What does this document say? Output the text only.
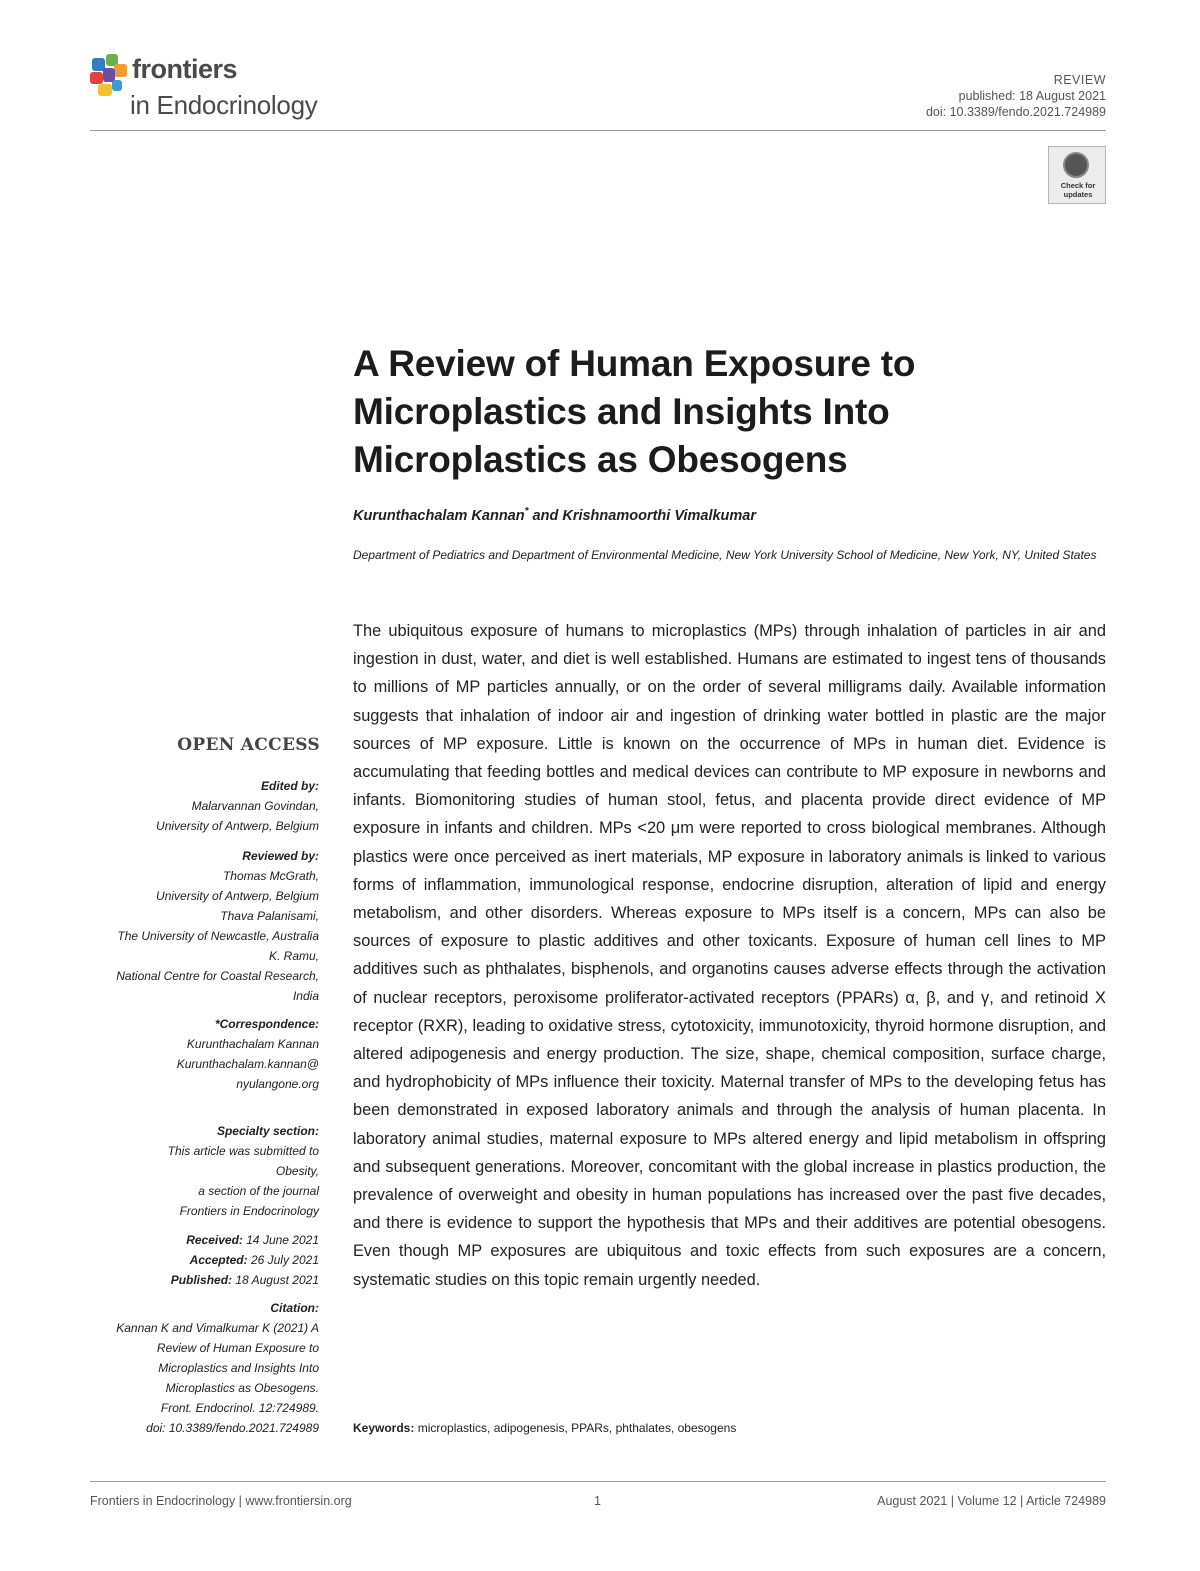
frontiers
in Endocrinology
REVIEW
published: 18 August 2021
doi: 10.3389/fendo.2021.724989
Check for updates
A Review of Human Exposure to Microplastics and Insights Into Microplastics as Obesogens
Kurunthachalam Kannan* and Krishnamoorthi Vimalkumar
Department of Pediatrics and Department of Environmental Medicine, New York University School of Medicine, New York, NY, United States
The ubiquitous exposure of humans to microplastics (MPs) through inhalation of particles in air and ingestion in dust, water, and diet is well established. Humans are estimated to ingest tens of thousands to millions of MP particles annually, or on the order of several milligrams daily. Available information suggests that inhalation of indoor air and ingestion of drinking water bottled in plastic are the major sources of MP exposure. Little is known on the occurrence of MPs in human diet. Evidence is accumulating that feeding bottles and medical devices can contribute to MP exposure in newborns and infants. Biomonitoring studies of human stool, fetus, and placenta provide direct evidence of MP exposure in infants and children. MPs <20 μm were reported to cross biological membranes. Although plastics were once perceived as inert materials, MP exposure in laboratory animals is linked to various forms of inflammation, immunological response, endocrine disruption, alteration of lipid and energy metabolism, and other disorders. Whereas exposure to MPs itself is a concern, MPs can also be sources of exposure to plastic additives and other toxicants. Exposure of human cell lines to MP additives such as phthalates, bisphenols, and organotins causes adverse effects through the activation of nuclear receptors, peroxisome proliferator-activated receptors (PPARs) α, β, and γ, and retinoid X receptor (RXR), leading to oxidative stress, cytotoxicity, immunotoxicity, thyroid hormone disruption, and altered adipogenesis and energy production. The size, shape, chemical composition, surface charge, and hydrophobicity of MPs influence their toxicity. Maternal transfer of MPs to the developing fetus has been demonstrated in exposed laboratory animals and through the analysis of human placenta. In laboratory animal studies, maternal exposure to MPs altered energy and lipid metabolism in offspring and subsequent generations. Moreover, concomitant with the global increase in plastics production, the prevalence of overweight and obesity in human populations has increased over the past five decades, and there is evidence to support the hypothesis that MPs and their additives are potential obesogens. Even though MP exposures are ubiquitous and toxic effects from such exposures are a concern, systematic studies on this topic remain urgently needed.
Keywords: microplastics, adipogenesis, PPARs, phthalates, obesogens
OPEN ACCESS
Edited by:
Malarvannan Govindan,
University of Antwerp, Belgium
Reviewed by:
Thomas McGrath,
University of Antwerp, Belgium
Thava Palanisami,
The University of Newcastle, Australia
K. Ramu,
National Centre for Coastal Research,
India
*Correspondence:
Kurunthachalam Kannan
Kurunthachalam.kannan@
nyulangone.org
Specialty section:
This article was submitted to
Obesity,
a section of the journal
Frontiers in Endocrinology
Received: 14 June 2021
Accepted: 26 July 2021
Published: 18 August 2021
Citation:
Kannan K and Vimalkumar K (2021) A
Review of Human Exposure to
Microplastics and Insights Into
Microplastics as Obesogens.
Front. Endocrinol. 12:724989.
doi: 10.3389/fendo.2021.724989
Frontiers in Endocrinology | www.frontiersin.org	1	August 2021 | Volume 12 | Article 724989
